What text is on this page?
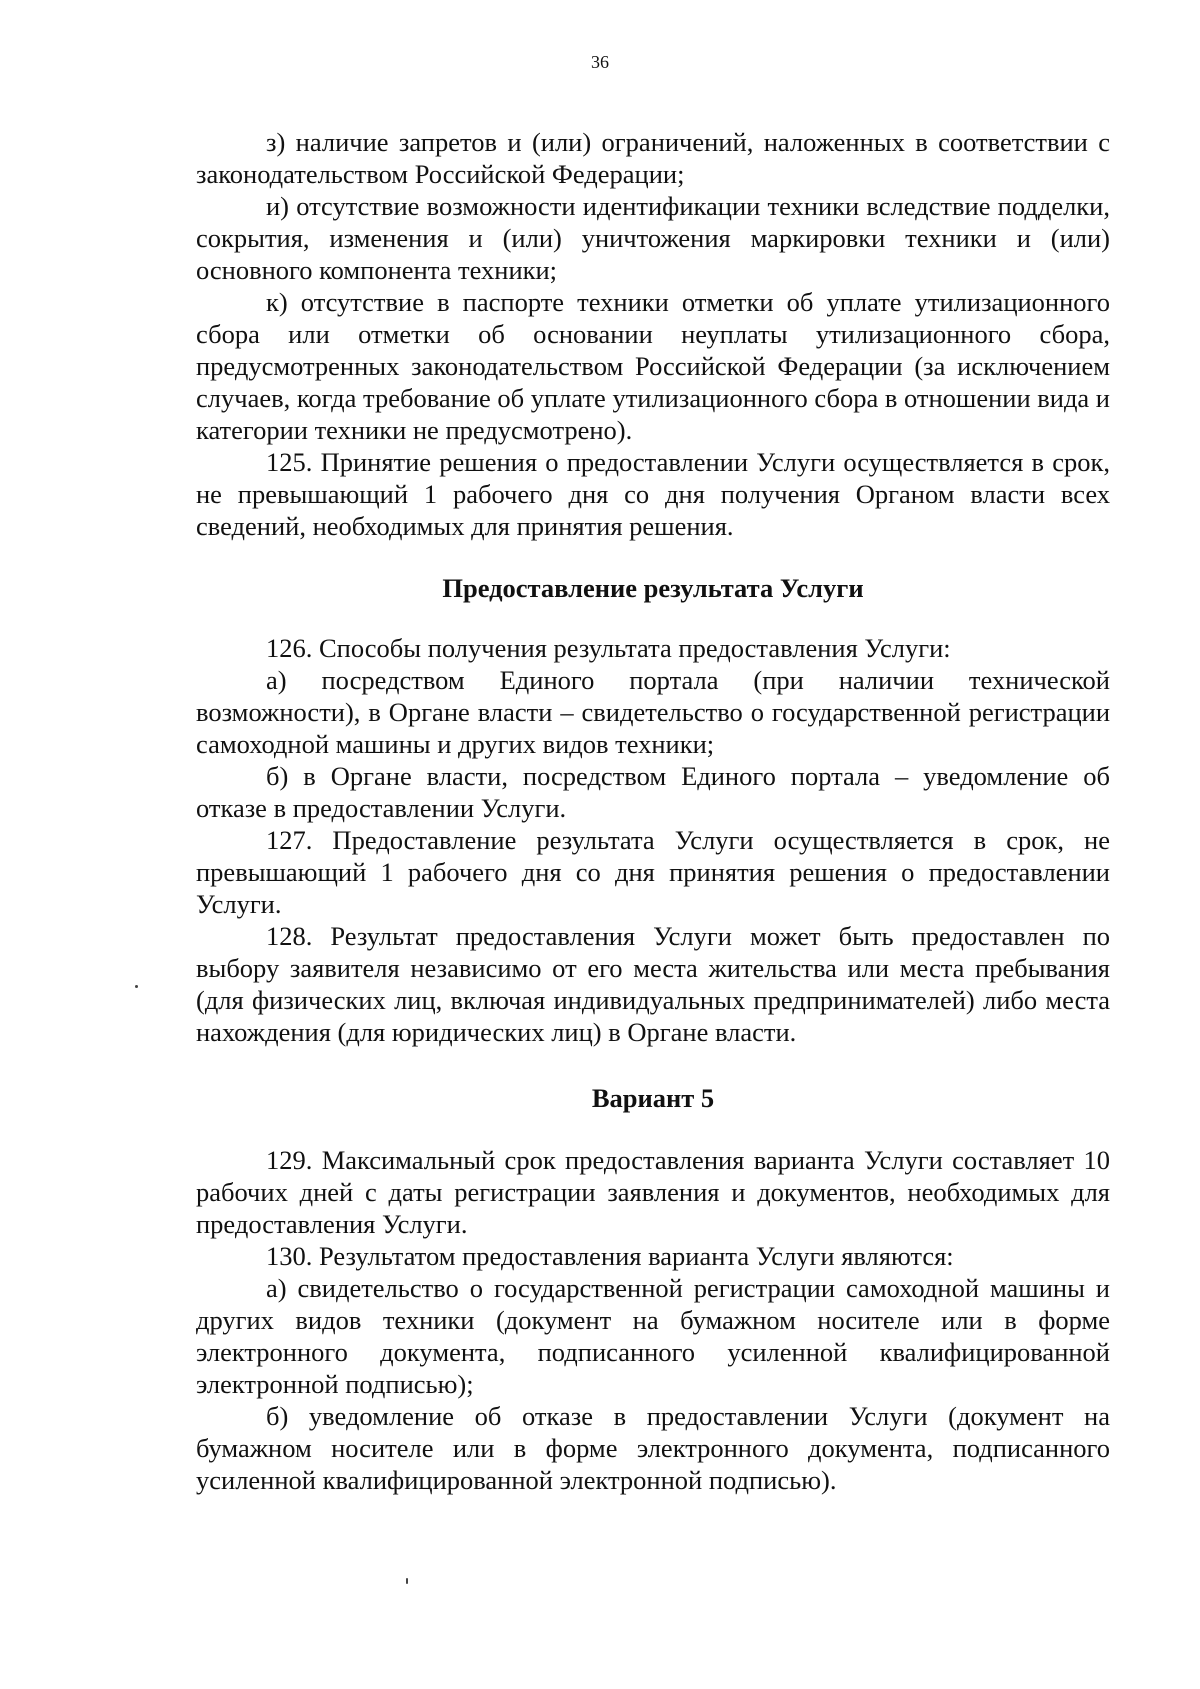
36

з) наличие запретов и (или) ограничений, наложенных в соответствии с законодательством Российской Федерации;

и) отсутствие возможности идентификации техники вследствие подделки, сокрытия, изменения и (или) уничтожения маркировки техники и (или) основного компонента техники;

к) отсутствие в паспорте техники отметки об уплате утилизационного сбора или отметки об основании неуплаты утилизационного сбора, предусмотренных законодательством Российской Федерации (за исключением случаев, когда требование об уплате утилизационного сбора в отношении вида и категории техники не предусмотрено).

125. Принятие решения о предоставлении Услуги осуществляется в срок, не превышающий 1 рабочего дня со дня получения Органом власти всех сведений, необходимых для принятия решения.

Предоставление результата Услуги

126. Способы получения результата предоставления Услуги:

а) посредством Единого портала (при наличии технической возможности), в Органе власти – свидетельство о государственной регистрации самоходной машины и других видов техники;

б) в Органе власти, посредством Единого портала – уведомление об отказе в предоставлении Услуги.

127. Предоставление результата Услуги осуществляется в срок, не превышающий 1 рабочего дня со дня принятия решения о предоставлении Услуги.

128. Результат предоставления Услуги может быть предоставлен по выбору заявителя независимо от его места жительства или места пребывания (для физических лиц, включая индивидуальных предпринимателей) либо места нахождения (для юридических лиц) в Органе власти.

Вариант 5

129. Максимальный срок предоставления варианта Услуги составляет 10 рабочих дней с даты регистрации заявления и документов, необходимых для предоставления Услуги.

130. Результатом предоставления варианта Услуги являются:

а) свидетельство о государственной регистрации самоходной машины и других видов техники (документ на бумажном носителе или в форме электронного документа, подписанного усиленной квалифицированной электронной подписью);

б) уведомление об отказе в предоставлении Услуги (документ на бумажном носителе или в форме электронного документа, подписанного усиленной квалифицированной электронной подписью).
